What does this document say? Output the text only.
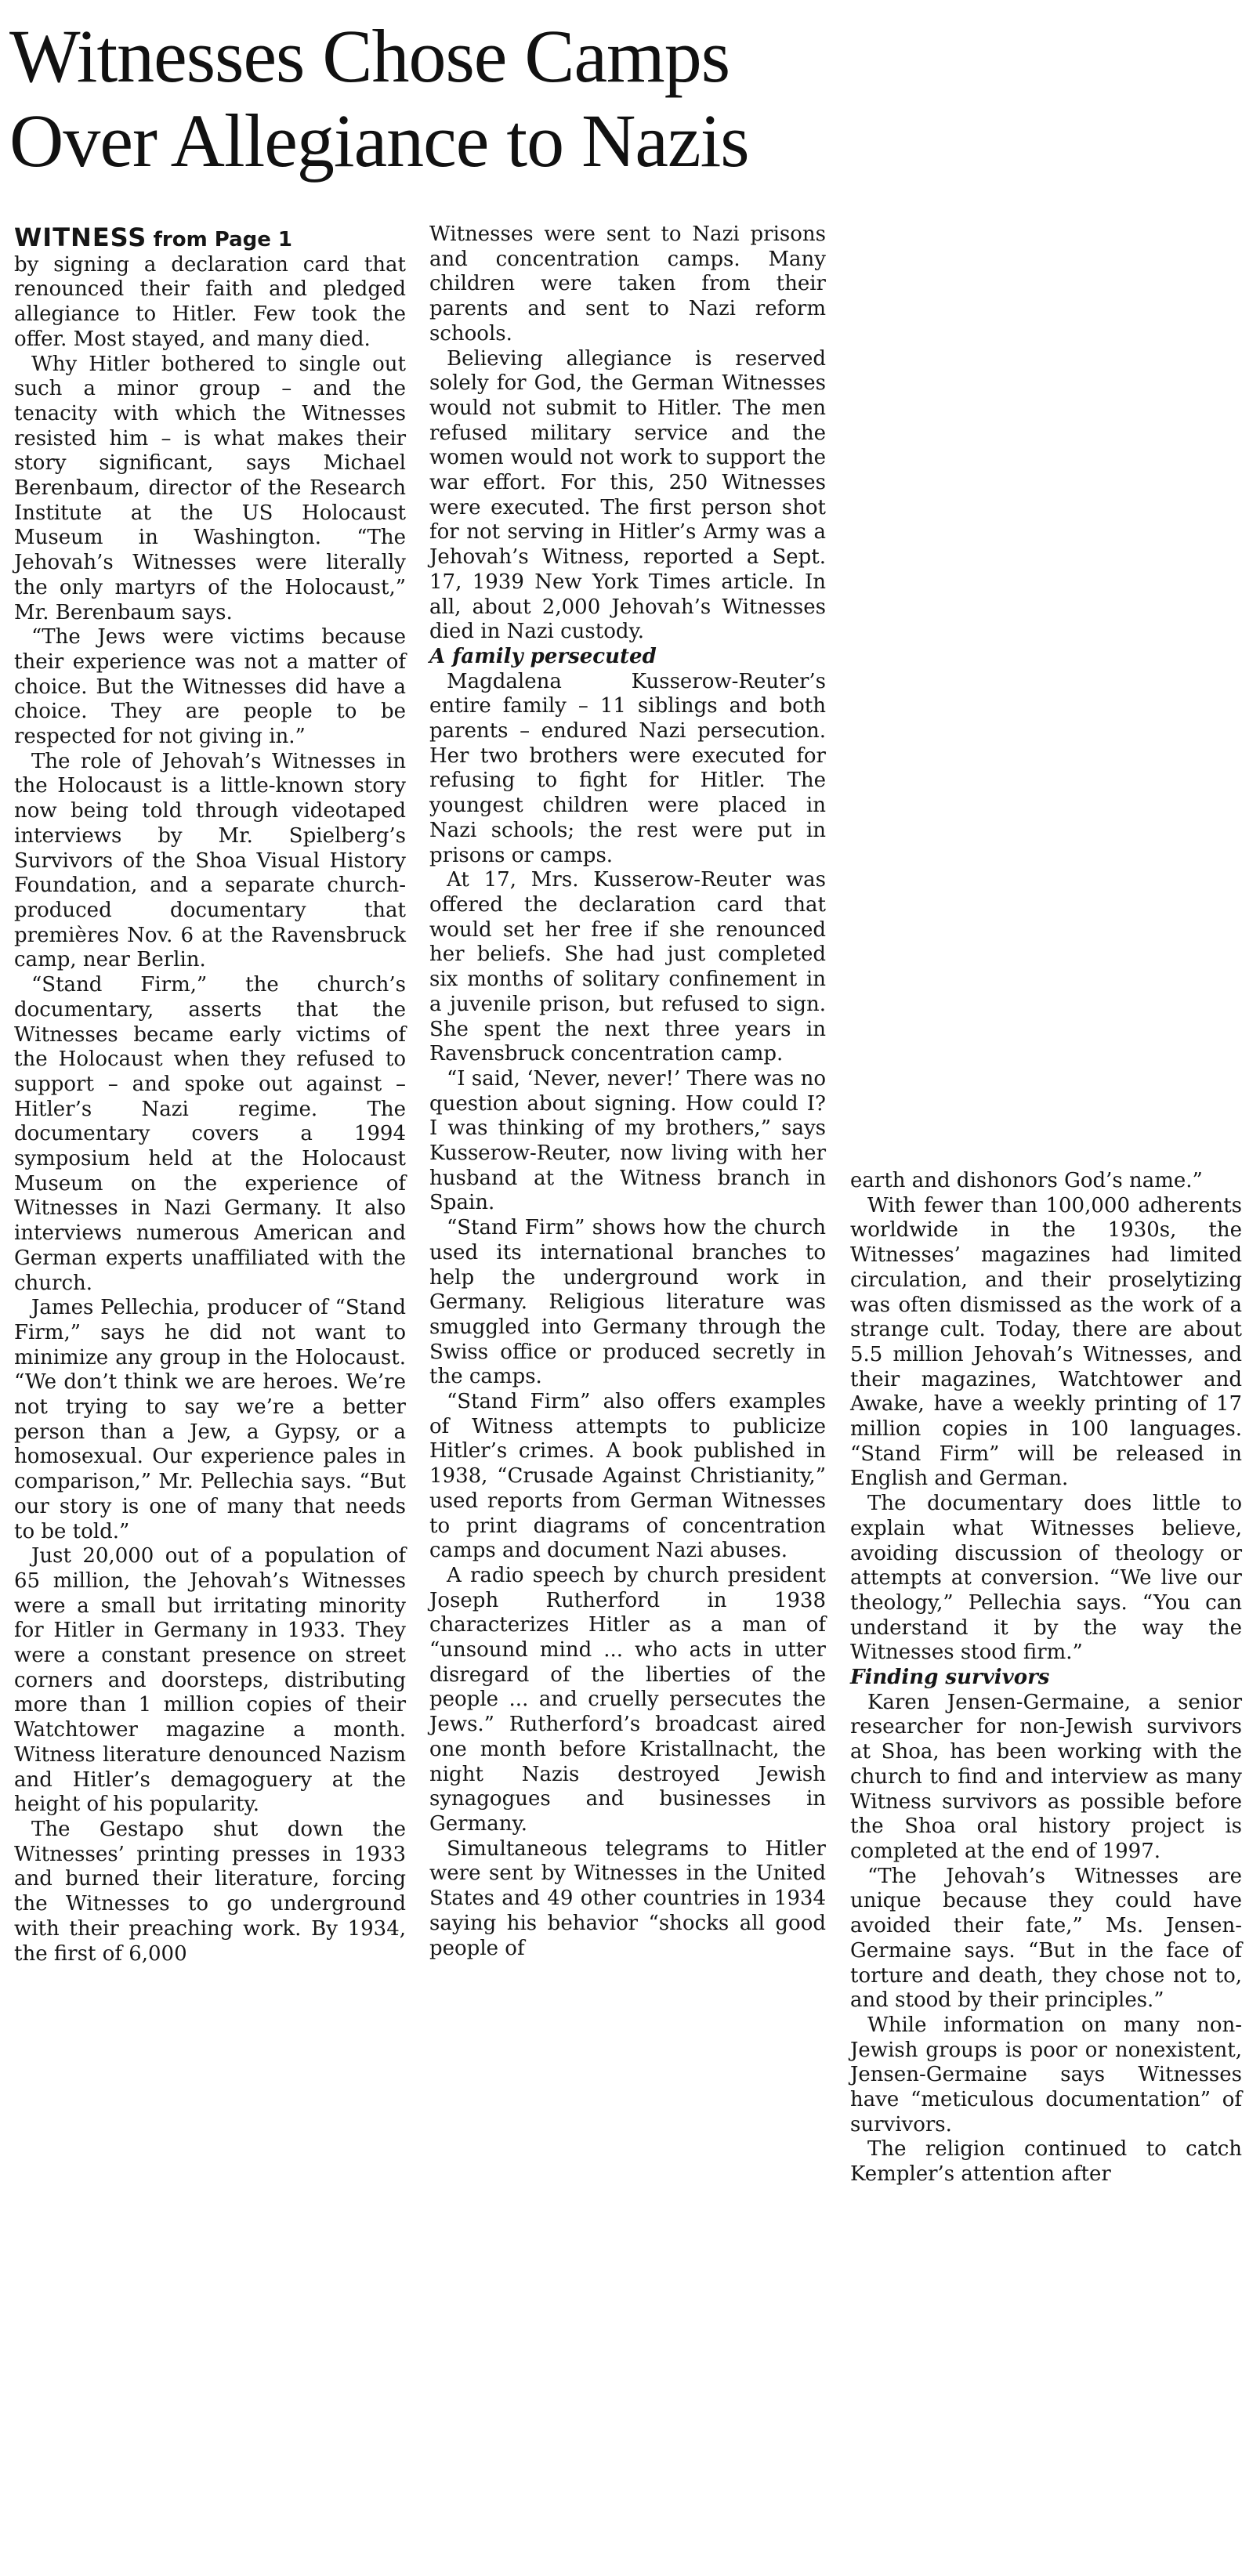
Witnesses Chose Camps
Over Allegiance to Nazis

WITNESS from Page 1

by signing a declaration card that renounced their faith and pledged allegiance to Hitler. Few took the offer. Most stayed, and many died.

Why Hitler bothered to single out such a minor group – and the tenacity with which the Witnesses resisted him – is what makes their story significant, says Michael Berenbaum, director of the Research Institute at the US Holocaust Museum in Washington. “The Jehovah’s Witnesses were literally the only martyrs of the Holocaust,” Mr. Berenbaum says.

“The Jews were victims because their experience was not a matter of choice. But the Witnesses did have a choice. They are people to be respected for not giving in.”

The role of Jehovah’s Witnesses in the Holocaust is a little-known story now being told through videotaped interviews by Mr. Spielberg’s Survivors of the Shoa Visual History Foundation, and a separate church-produced documentary that premières Nov. 6 at the Ravensbruck camp, near Berlin.

“Stand Firm,” the church’s documentary, asserts that the Witnesses became early victims of the Holocaust when they refused to support – and spoke out against – Hitler’s Nazi regime. The documentary covers a 1994 symposium held at the Holocaust Museum on the experience of Witnesses in Nazi Germany. It also interviews numerous American and German experts unaffiliated with the church.

James Pellechia, producer of “Stand Firm,” says he did not want to minimize any group in the Holocaust. “We don’t think we are heroes. We’re not trying to say we’re a better person than a Jew, a Gypsy, or a homosexual. Our experience pales in comparison,” Mr. Pellechia says. “But our story is one of many that needs to be told.”

Just 20,000 out of a population of 65 million, the Jehovah’s Witnesses were a small but irritating minority for Hitler in Germany in 1933. They were a constant presence on street corners and doorsteps, distributing more than 1 million copies of their Watchtower magazine a month. Witness literature denounced Nazism and Hitler’s demagoguery at the height of his popularity.

The Gestapo shut down the Witnesses’ printing presses in 1933 and burned their literature, forcing the Witnesses to go underground with their preaching work. By 1934, the first of 6,000

Witnesses were sent to Nazi prisons and concentration camps. Many children were taken from their parents and sent to Nazi reform schools.

Believing allegiance is reserved solely for God, the German Witnesses would not submit to Hitler. The men refused military service and the women would not work to support the war effort. For this, 250 Witnesses were executed. The first person shot for not serving in Hitler’s Army was a Jehovah’s Witness, reported a Sept. 17, 1939 New York Times article. In all, about 2,000 Jehovah’s Witnesses died in Nazi custody.

A family persecuted

Magdalena Kusserow-Reuter’s entire family – 11 siblings and both parents – endured Nazi persecution. Her two brothers were executed for refusing to fight for Hitler. The youngest children were placed in Nazi schools; the rest were put in prisons or camps.

At 17, Mrs. Kusserow-Reuter was offered the declaration card that would set her free if she renounced her beliefs. She had just completed six months of solitary confinement in a juvenile prison, but refused to sign. She spent the next three years in Ravensbruck concentration camp.

“I said, ‘Never, never!’ There was no question about signing. How could I? I was thinking of my brothers,” says Kusserow-Reuter, now living with her husband at the Witness branch in Spain.

“Stand Firm” shows how the church used its international branches to help the underground work in Germany. Religious literature was smuggled into Germany through the Swiss office or produced secretly in the camps.

“Stand Firm” also offers examples of Witness attempts to publicize Hitler’s crimes. A book published in 1938, “Crusade Against Christianity,” used reports from German Witnesses to print diagrams of concentration camps and document Nazi abuses.

A radio speech by church president Joseph Rutherford in 1938 characterizes Hitler as a man of “unsound mind ... who acts in utter disregard of the liberties of the people ... and cruelly persecutes the Jews.” Rutherford’s broadcast aired one month before Kristallnacht, the night Nazis destroyed Jewish synagogues and businesses in Germany.

Simultaneous telegrams to Hitler were sent by Witnesses in the United States and 49 other countries in 1934 saying his behavior “shocks all good people of

earth and dishonors God’s name.”

With fewer than 100,000 adherents worldwide in the 1930s, the Witnesses’ magazines had limited circulation, and their proselytizing was often dismissed as the work of a strange cult. Today, there are about 5.5 million Jehovah’s Witnesses, and their magazines, Watchtower and Awake, have a weekly printing of 17 million copies in 100 languages. “Stand Firm” will be released in English and German.

The documentary does little to explain what Witnesses believe, avoiding discussion of theology or attempts at conversion. “We live our theology,” Pellechia says. “You can understand it by the way the Witnesses stood firm.”

Finding survivors

Karen Jensen-Germaine, a senior researcher for non-Jewish survivors at Shoa, has been working with the church to find and interview as many Witness survivors as possible before the Shoa oral history project is completed at the end of 1997.

“The Jehovah’s Witnesses are unique because they could have avoided their fate,” Ms. Jensen-Germaine says. “But in the face of torture and death, they chose not to, and stood by their principles.”

While information on many non-Jewish groups is poor or nonexistent, Jensen-Germaine says Witnesses have “meticulous documentation” of survivors.

The religion continued to catch Kempler’s attention after
